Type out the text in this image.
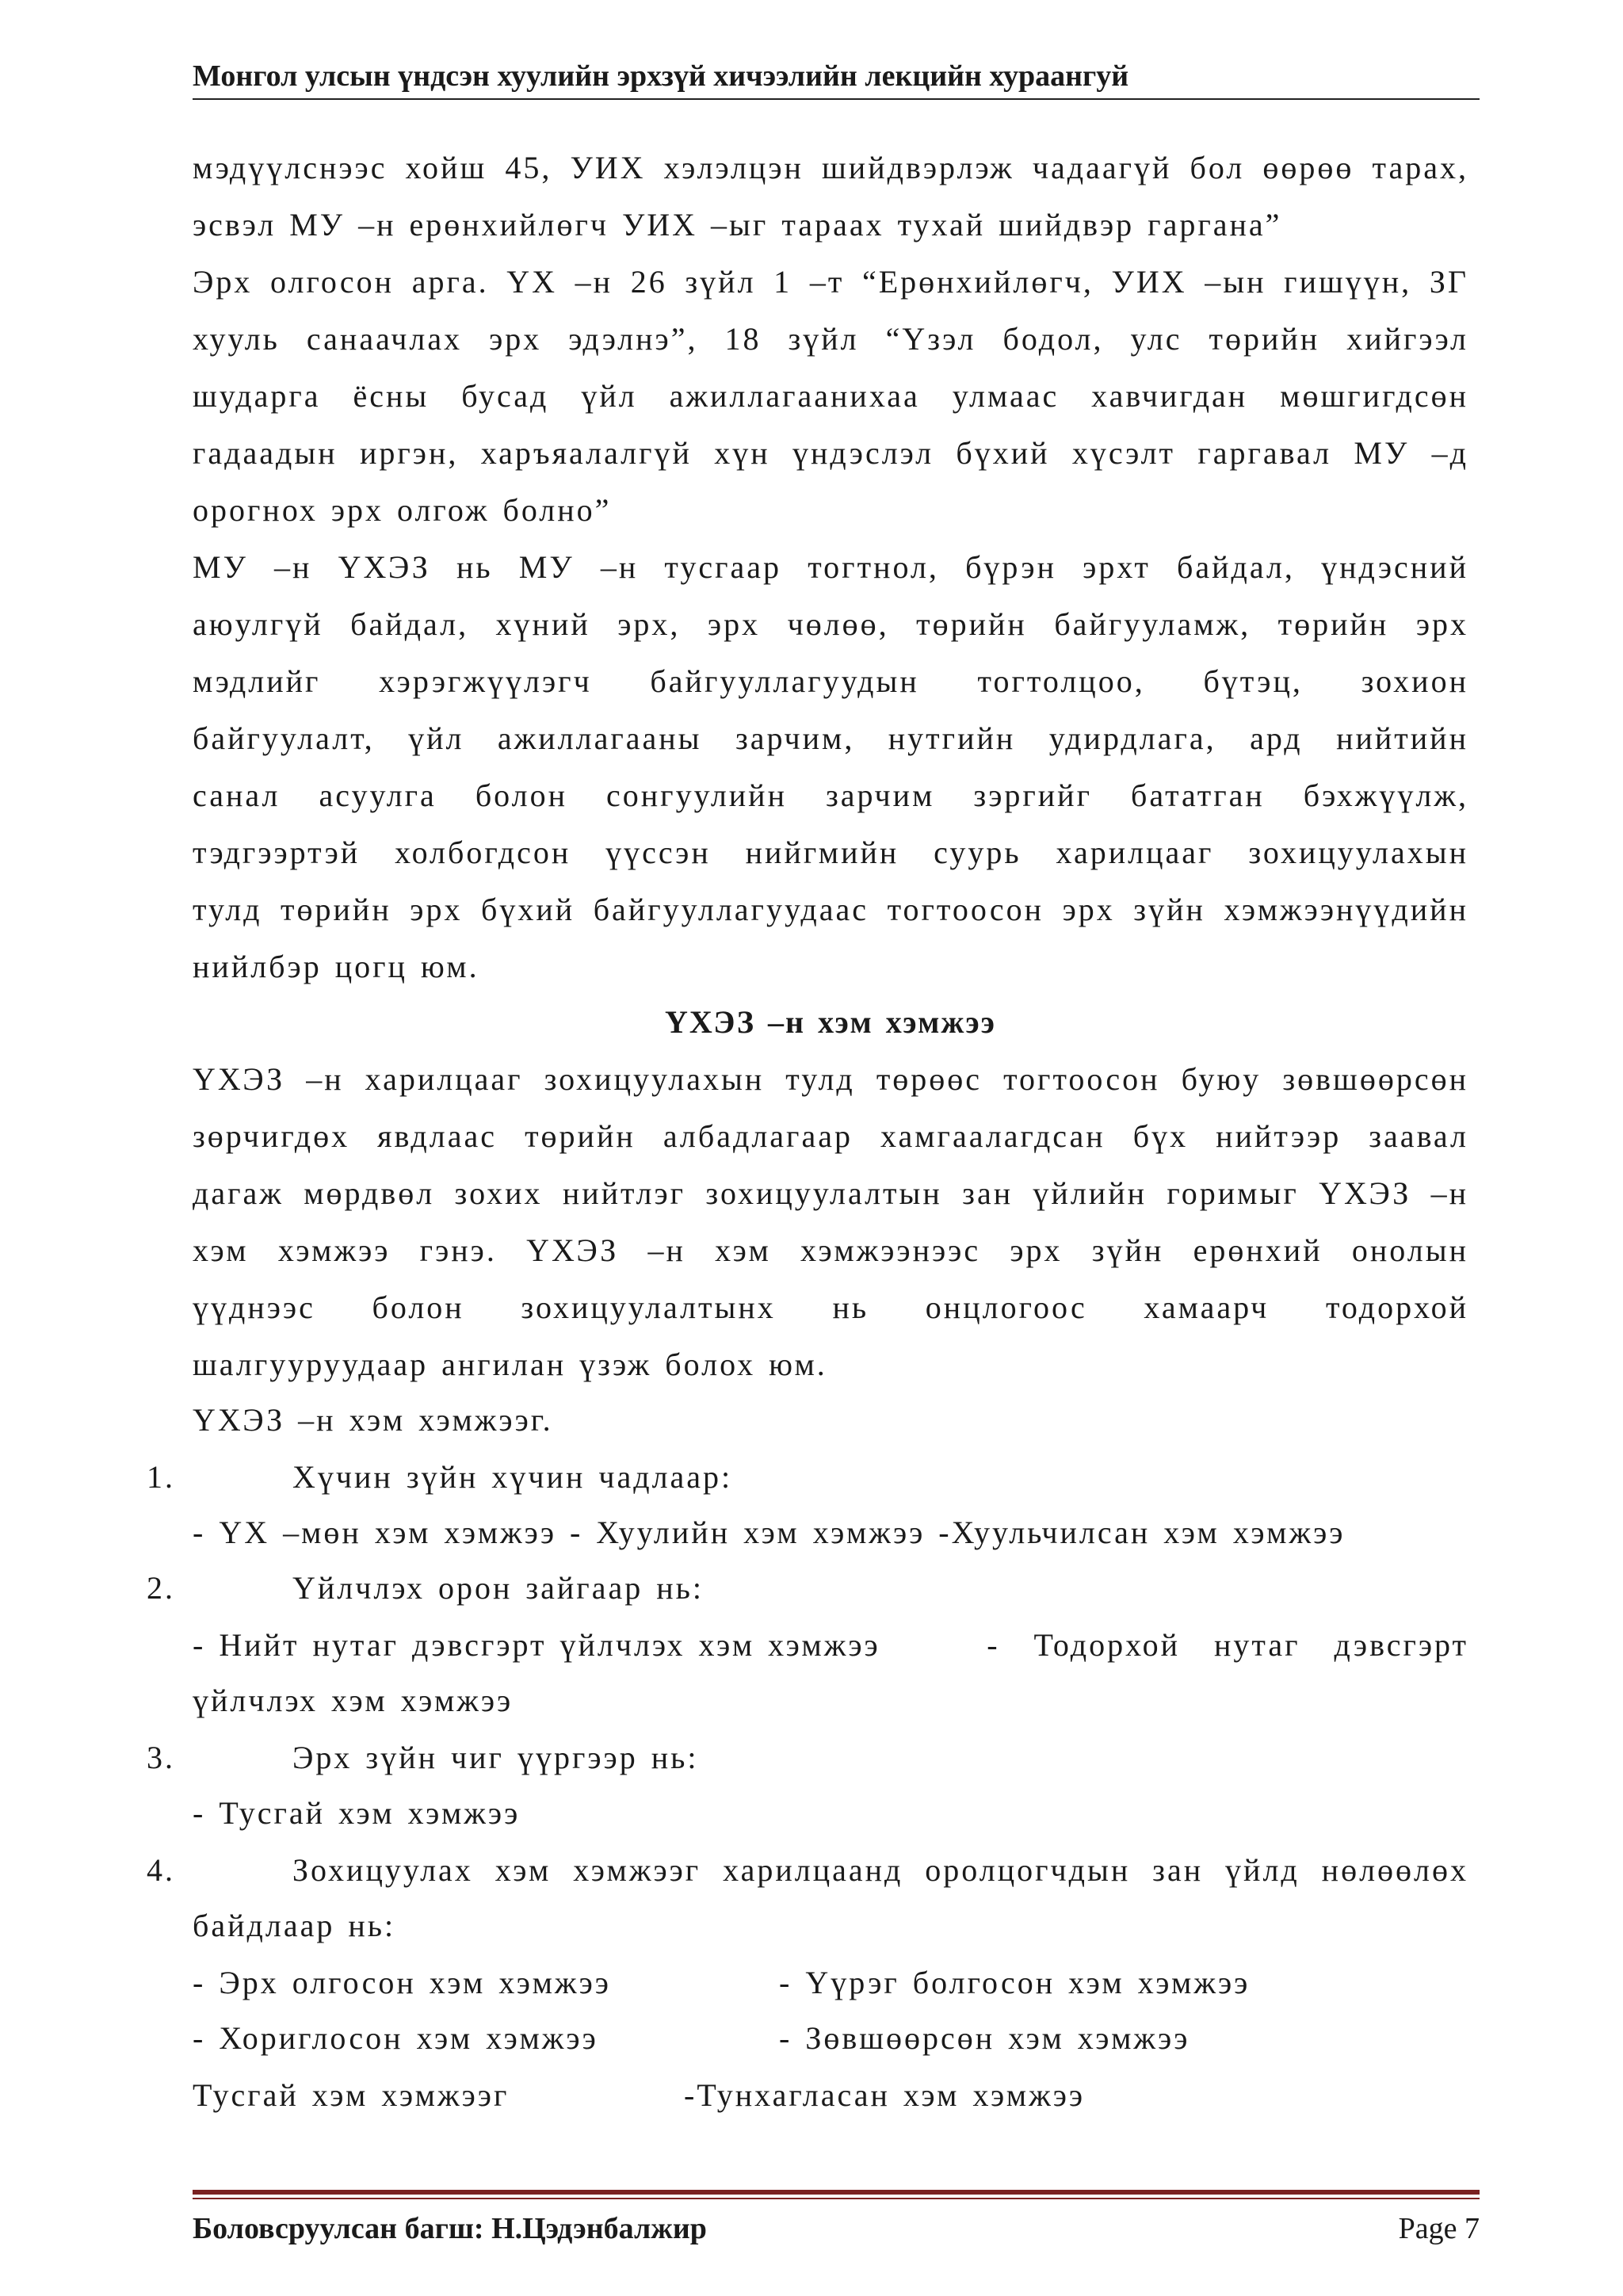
Монгол улсын үндсэн хуулийн эрхзүй хичээлийн лекцийн хураангуй
мэдүүлснээс хойш 45, УИХ хэлэлцэн шийдвэрлэж чадаагүй бол өөрөө тарах,
эсвэл МУ –н ерөнхийлөгч УИХ –ыг тараах тухай шийдвэр гаргана”
Эрх олгосон арга. ҮХ –н 26 зүйл 1 –т “Ерөнхийлөгч, УИХ –ын гишүүн, ЗГ
хууль санаачлах эрх эдэлнэ”, 18 зүйл “Үзэл бодол, улс төрийн хийгээл
шударга ёсны бусад үйл ажиллагаанихаа улмаас хавчигдан мөшгигдсөн
гадаадын иргэн, харъяалалгүй хүн үндэслэл бүхий хүсэлт гаргавал МУ –д
орогнох эрх олгож болно”
МУ –н ҮХЭЗ нь МУ –н тусгаар тогтнол, бүрэн эрхт байдал, үндэсний
аюулгүй байдал, хүний эрх, эрх чөлөө, төрийн байгууламж, төрийн эрх
мэдлийг хэрэгжүүлэгч байгууллагуудын тогтолцоо, бүтэц, зохион
байгуулалт, үйл ажиллагааны зарчим, нутгийн удирдлага, ард нийтийн
санал асуулга болон сонгуулийн зарчим зэргийг бататган бэхжүүлж,
тэдгээртэй холбогдсон үүссэн нийгмийн суурь харилцааг зохицуулахын
тулд төрийн эрх бүхий байгууллагуудаас тогтоосон эрх зүйн хэмжээнүүдийн
нийлбэр цогц юм.
ҮХЭЗ –н хэм хэмжээ
ҮХЭЗ –н харилцааг зохицуулахын тулд төрөөс тогтоосон буюу зөвшөөрсөн
зөрчигдөх явдлаас төрийн албадлагаар хамгаалагдсан бүх нийтээр заавал
дагаж мөрдвөл зохих нийтлэг зохицуулалтын зан үйлийн горимыг ҮХЭЗ –н
хэм хэмжээ гэнэ. ҮХЭЗ –н хэм хэмжээнээс эрх зүйн ерөнхий онолын
үүднээс болон зохицуулалтынх нь онцлогоос хамаарч тодорхой
шалгууруудаар ангилан үзэж болох юм.
ҮХЭЗ –н хэм хэмжээг.
1.	Хүчин зүйн хүчин чадлаар:
- ҮХ –мөн хэм хэмжээ - Хуулийн хэм хэмжээ -Хуульчилсан хэм хэмжээ
2.	Үйлчлэх орон зайгаар нь:
- Нийт нутаг дэвсгэрт үйлчлэх хэм хэмжээ	- Тодорхой нутаг дэвсгэрт
үйлчлэх хэм хэмжээ
3.	Эрх зүйн чиг үүргээр нь:
- Тусгай хэм хэмжээ
4.	Зохицуулах хэм хэмжээг харилцаанд оролцогчдын зан үйлд нөлөөлөх
байдлаар нь:
- Эрх олгосон хэм хэмжээ	- Үүрэг болгосон хэм хэмжээ
- Хориглосон хэм хэмжээ	- Зөвшөөрсөн хэм хэмжээ
Тусгай хэм хэмжээг	-Тунхагласан хэм хэмжээ
Боловсруулсан багш: Н.Цэдэнбалжир	Page 7
